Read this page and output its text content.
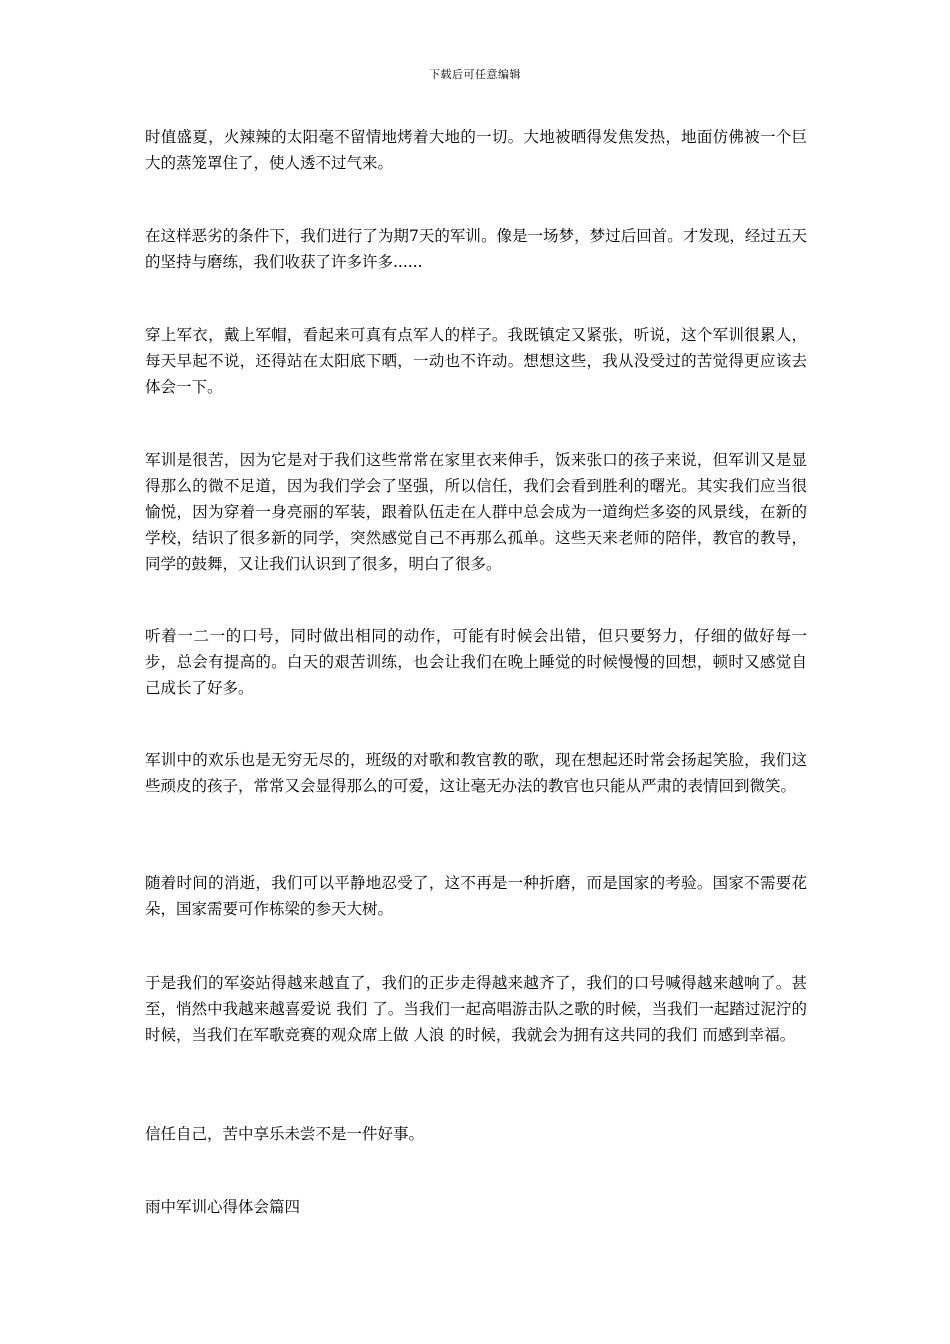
下载后可任意编辑

时值盛夏，火辣辣的太阳毫不留情地烤着大地的一切。大地被晒得发焦发热，地面仿佛被一个巨大的蒸笼罩住了，使人透不过气来。

在这样恶劣的条件下，我们进行了为期7天的军训。像是一场梦，梦过后回首。才发现，经过五天的坚持与磨练，我们收获了许多许多......

穿上军衣，戴上军帽，看起来可真有点军人的样子。我既镇定又紧张，听说，这个军训很累人，每天早起不说，还得站在太阳底下晒，一动也不许动。想想这些，我从没受过的苦觉得更应该去体会一下。

军训是很苦，因为它是对于我们这些常常在家里衣来伸手，饭来张口的孩子来说，但军训又是显得那么的微不足道，因为我们学会了坚强，所以信任，我们会看到胜利的曙光。其实我们应当很愉悦，因为穿着一身亮丽的军装，跟着队伍走在人群中总会成为一道绚烂多姿的风景线，在新的学校，结识了很多新的同学，突然感觉自己不再那么孤单。这些天来老师的陪伴，教官的教导，同学的鼓舞，又让我们认识到了很多，明白了很多。

听着一二一的口号，同时做出相同的动作，可能有时候会出错，但只要努力，仔细的做好每一步，总会有提高的。白天的艰苦训练，也会让我们在晚上睡觉的时候慢慢的回想，顿时又感觉自己成长了好多。

军训中的欢乐也是无穷无尽的，班级的对歌和教官教的歌，现在想起还时常会扬起笑脸，我们这些顽皮的孩子，常常又会显得那么的可爱，这让毫无办法的教官也只能从严肃的表情回到微笑。

随着时间的消逝，我们可以平静地忍受了，这不再是一种折磨，而是国家的考验。国家不需要花朵，国家需要可作栋梁的参天大树。

于是我们的军姿站得越来越直了，我们的正步走得越来越齐了，我们的口号喊得越来越响了。甚至，悄然中我越来越喜爱说 我们 了。当我们一起高唱游击队之歌的时候，当我们一起踏过泥泞的时候，当我们在军歌竞赛的观众席上做 人浪 的时候，我就会为拥有这共同的我们 而感到幸福。

信任自己，苦中享乐未尝不是一件好事。

雨中军训心得体会篇四
